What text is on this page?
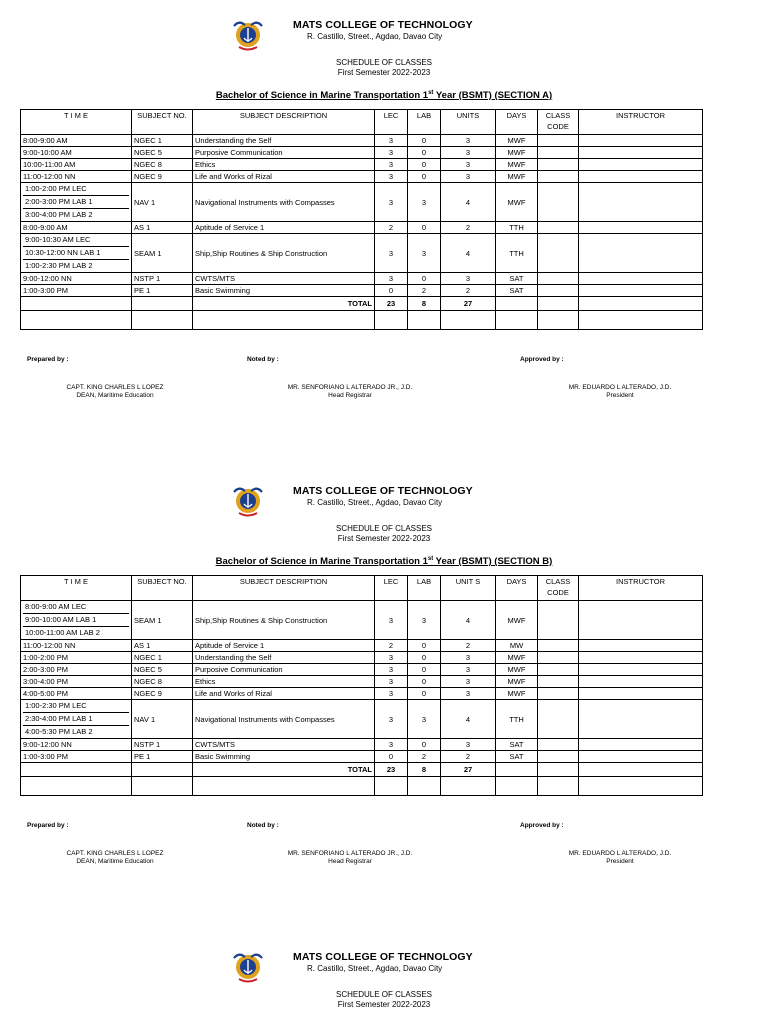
MATS COLLEGE OF TECHNOLOGY
R. Castillo, Street., Agdao, Davao City
SCHEDULE OF CLASSES
First Semester 2022-2023
Bachelor of Science in Marine Transportation 1st Year (BSMT) (SECTION A)
T I M E	SUBJECT NO.	SUBJECT DESCRIPTION	LEC	LAB	UNITS	DAYS	CLASS CODE	INSTRUCTOR
8:00-9:00 AM	NGEC 1	Understanding the Self	3	0	3	MWF		
9:00-10:00 AM	NGEC 5	Purposive Communication	3	0	3	MWF		
10:00-11:00 AM	NGEC 8	Ethics	3	0	3	MWF		
11:00-12:00 NN	NGEC 9	Life and Works of Rizal	3	0	3	MWF		

1:00-2:00 PM LEC
2:00-3:00 PM LAB 1
3:00-4:00 PM LAB 2	NAV 1	Navigational Instruments with Compasses	3	3	4	MWF		
8:00-9:00 AM	AS 1	Aptitude of Service 1	2	0	2	TTH		

9:00-10:30 AM LEC
10:30-12:00 NN LAB 1
1:00-2:30 PM LAB 2	SEAM 1	Ship,Ship Routines & Ship Construction	3	3	4	TTH		
9:00-12:00 NN	NSTP 1	CWTS/MTS	3	0	3	SAT		
1:00-3:00 PM	PE 1	Basic Swimming	0	2	2	SAT		
		TOTAL	23	8	27			

Prepared by :	Noted by :	Approved by :
CAPT. KING CHARLES L LOPEZ
DEAN, Maritime Education
MR. SENFORIANO L ALTERADO JR., J.D.
Head Registrar
MR. EDUARDO L ALTERADO, J.D.
President
MATS COLLEGE OF TECHNOLOGY
R. Castillo, Street., Agdao, Davao City
SCHEDULE OF CLASSES
First Semester 2022-2023
Bachelor of Science in Marine Transportation 1st Year (BSMT) (SECTION B)
T I M E	SUBJECT NO.	SUBJECT DESCRIPTION	LEC	LAB	UNIT S	DAYS	CLASS CODE	INSTRUCTOR

8:00-9:00 AM LEC
9:00-10:00 AM LAB 1
10:00-11:00 AM LAB 2	SEAM 1	Ship,Ship Routines & Ship Construction	3	3	4	MWF		
11:00-12:00 NN	AS 1	Aptitude of Service 1	2	0	2	MW		
1:00-2:00 PM	NGEC 1	Understanding the Self	3	0	3	MWF		
2:00-3:00 PM	NGEC 5	Purposive Communication	3	0	3	MWF		
3:00-4:00 PM	NGEC 8	Ethics	3	0	3	MWF		
4:00-5:00 PM	NGEC 9	Life and Works of Rizal	3	0	3	MWF		

1:00-2:30 PM LEC
2:30-4:00 PM LAB 1
4:00-5:30 PM LAB 2	NAV 1	Navigational Instruments with Compasses	3	3	4	TTH		
9:00-12:00 NN	NSTP 1	CWTS/MTS	3	0	3	SAT		
1:00-3:00 PM	PE 1	Basic Swimming	0	2	2	SAT		
		TOTAL	23	8	27			

Prepared by :	Noted by :	Approved by :
CAPT. KING CHARLES L LOPEZ
DEAN, Maritime Education
MR. SENFORIANO L ALTERADO JR., J.D.
Head Registrar
MR. EDUARDO L ALTERADO, J.D.
President
MATS COLLEGE OF TECHNOLOGY
R. Castillo, Street., Agdao, Davao City
SCHEDULE OF CLASSES
First Semester 2022-2023
